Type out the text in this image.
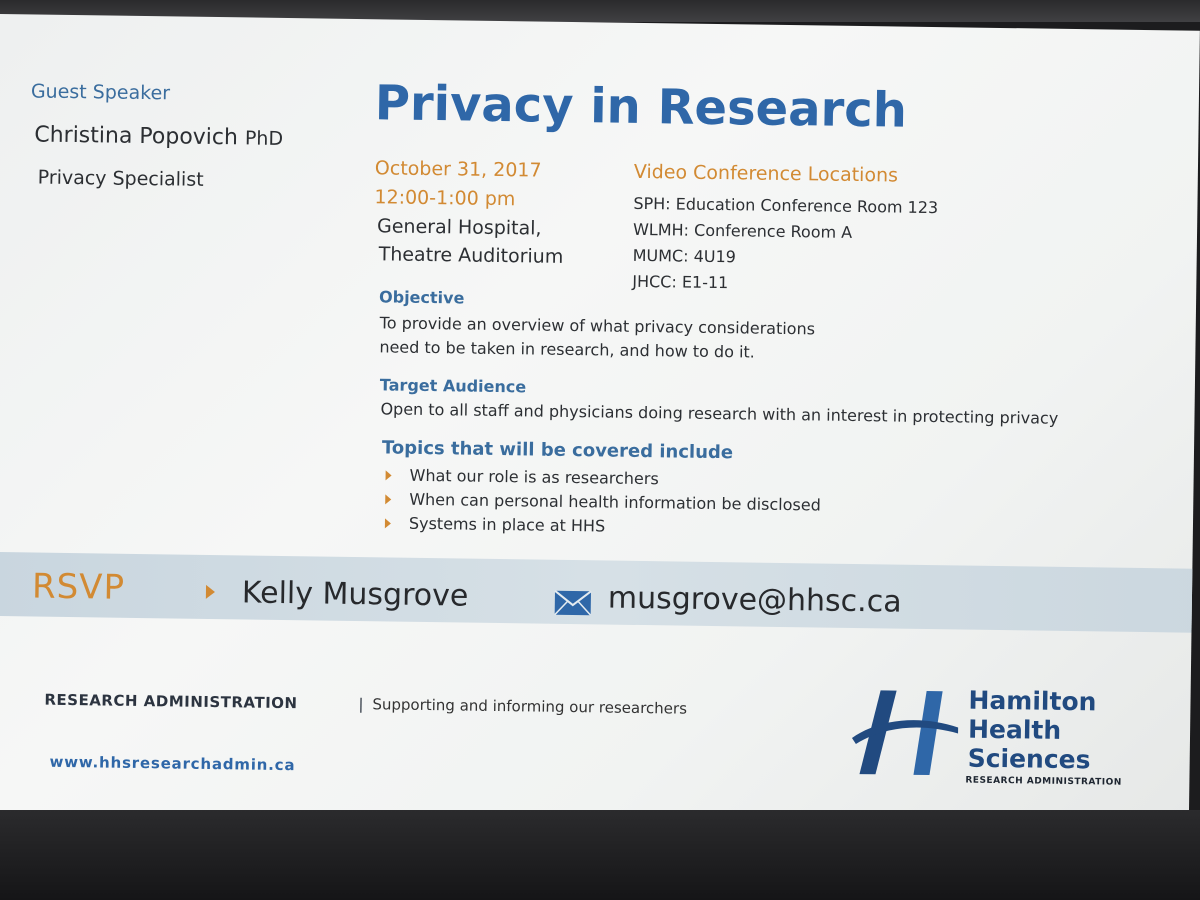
Guest Speaker
Christina Popovich PhD
Privacy Specialist
Privacy in Research
October 31, 2017
12:00-1:00 pm
General Hospital,
Theatre Auditorium
Video Conference Locations
SPH: Education Conference Room 123
WLMH: Conference Room A
MUMC: 4U19
JHCC: E1-11
Objective
To provide an overview of what privacy considerations
need to be taken in research, and how to do it.
Target Audience
Open to all staff and physicians doing research with an interest in protecting privacy
Topics that will be covered include
What our role is as researchers
When can personal health information be disclosed
Systems in place at HHS
RSVP	Kelly Musgrove	musgrove@hhsc.ca
RESEARCH ADMINISTRATION	| Supporting and informing our researchers
www.hhsresearchadmin.ca
Hamilton
Health
Sciences
RESEARCH ADMINISTRATION
